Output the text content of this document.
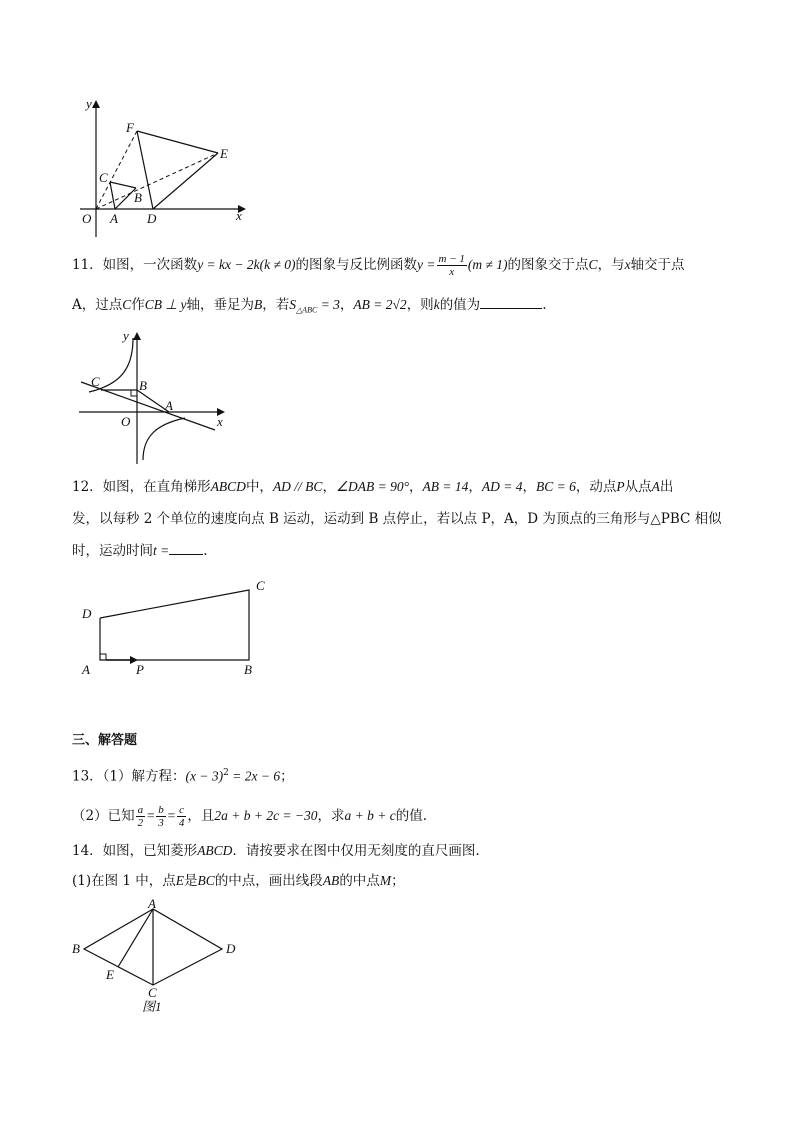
y
x
O A D
B
C
F
E
11．如图，一次函数y = kx − 2k(k ≠ 0)的图象与反比例函数$y = \frac{m - 1}{x} (m \ne 1)$的图象交于点C，与x轴交于点
A，过点C作CB ⊥ y轴，垂足为B，若$S_{\triangle ABC} = 3$，AB = 2√2，则k的值为	.
y
x
O
A
B
C
12．如图，在直角梯形ABCD中，AD // BC，∠DAB = 90°，AB = 14，AD = 4，BC = 6，动点P从点A出
发，以每秒 2 个单位的速度向点 B 运动，运动到 B 点停止，若以点 P，A，D 为顶点的三角形与△PBC 相似
时，运动时间t =	.
D
A	P	B
C
三、解答题
13．（1）解方程：$(x - 3)^2 = 2x - 6$；
（2）已知 $\frac{a}{2} = \frac{b}{3} = \frac{c}{4}$ ，且2a + b + 2c = −30，求a + b + c的值.
14．如图，已知菱形ABCD．请按要求在图中仅用无刻度的直尺画图.
(1)在图 1 中，点E是BC的中点，画出线段AB的中点M；
A
B	D
E
C
图1
